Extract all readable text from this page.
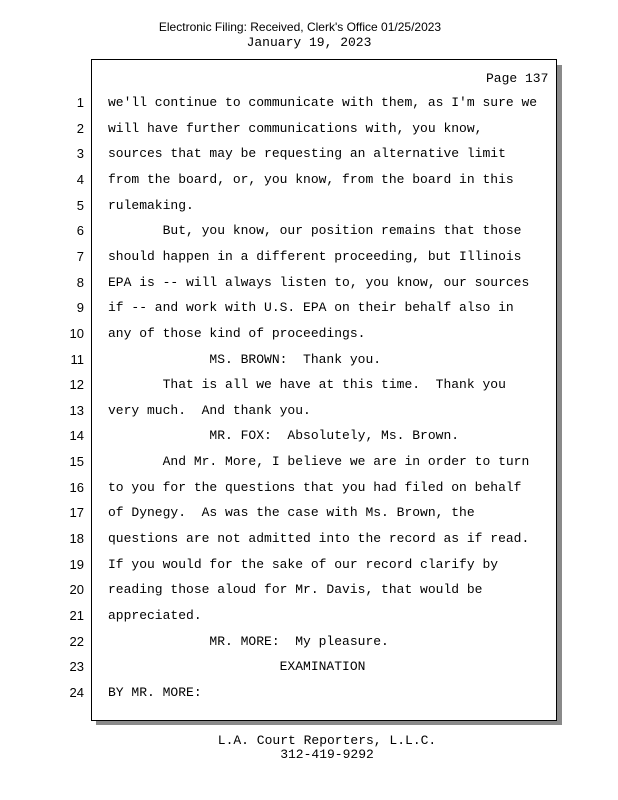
Electronic Filing: Received, Clerk's Office 01/25/2023
January 19, 2023
Page 137
1 we'll continue to communicate with them, as I'm sure we
2 will have further communications with, you know,
3 sources that may be requesting an alternative limit
4 from the board, or, you know, from the board in this
5 rulemaking.
6 But, you know, our position remains that those
7 should happen in a different proceeding, but Illinois
8 EPA is -- will always listen to, you know, our sources
9 if -- and work with U.S. EPA on their behalf also in
10 any of those kind of proceedings.
11 MS. BROWN:  Thank you.
12 That is all we have at this time.  Thank you
13 very much.  And thank you.
14 MR. FOX:  Absolutely, Ms. Brown.
15 And Mr. More, I believe we are in order to turn
16 to you for the questions that you had filed on behalf
17 of Dynegy.  As was the case with Ms. Brown, the
18 questions are not admitted into the record as if read.
19 If you would for the sake of our record clarify by
20 reading those aloud for Mr. Davis, that would be
21 appreciated.
22 MR. MORE:  My pleasure.
23 EXAMINATION
24 BY MR. MORE:
L.A. Court Reporters, L.L.C.
312-419-9292
